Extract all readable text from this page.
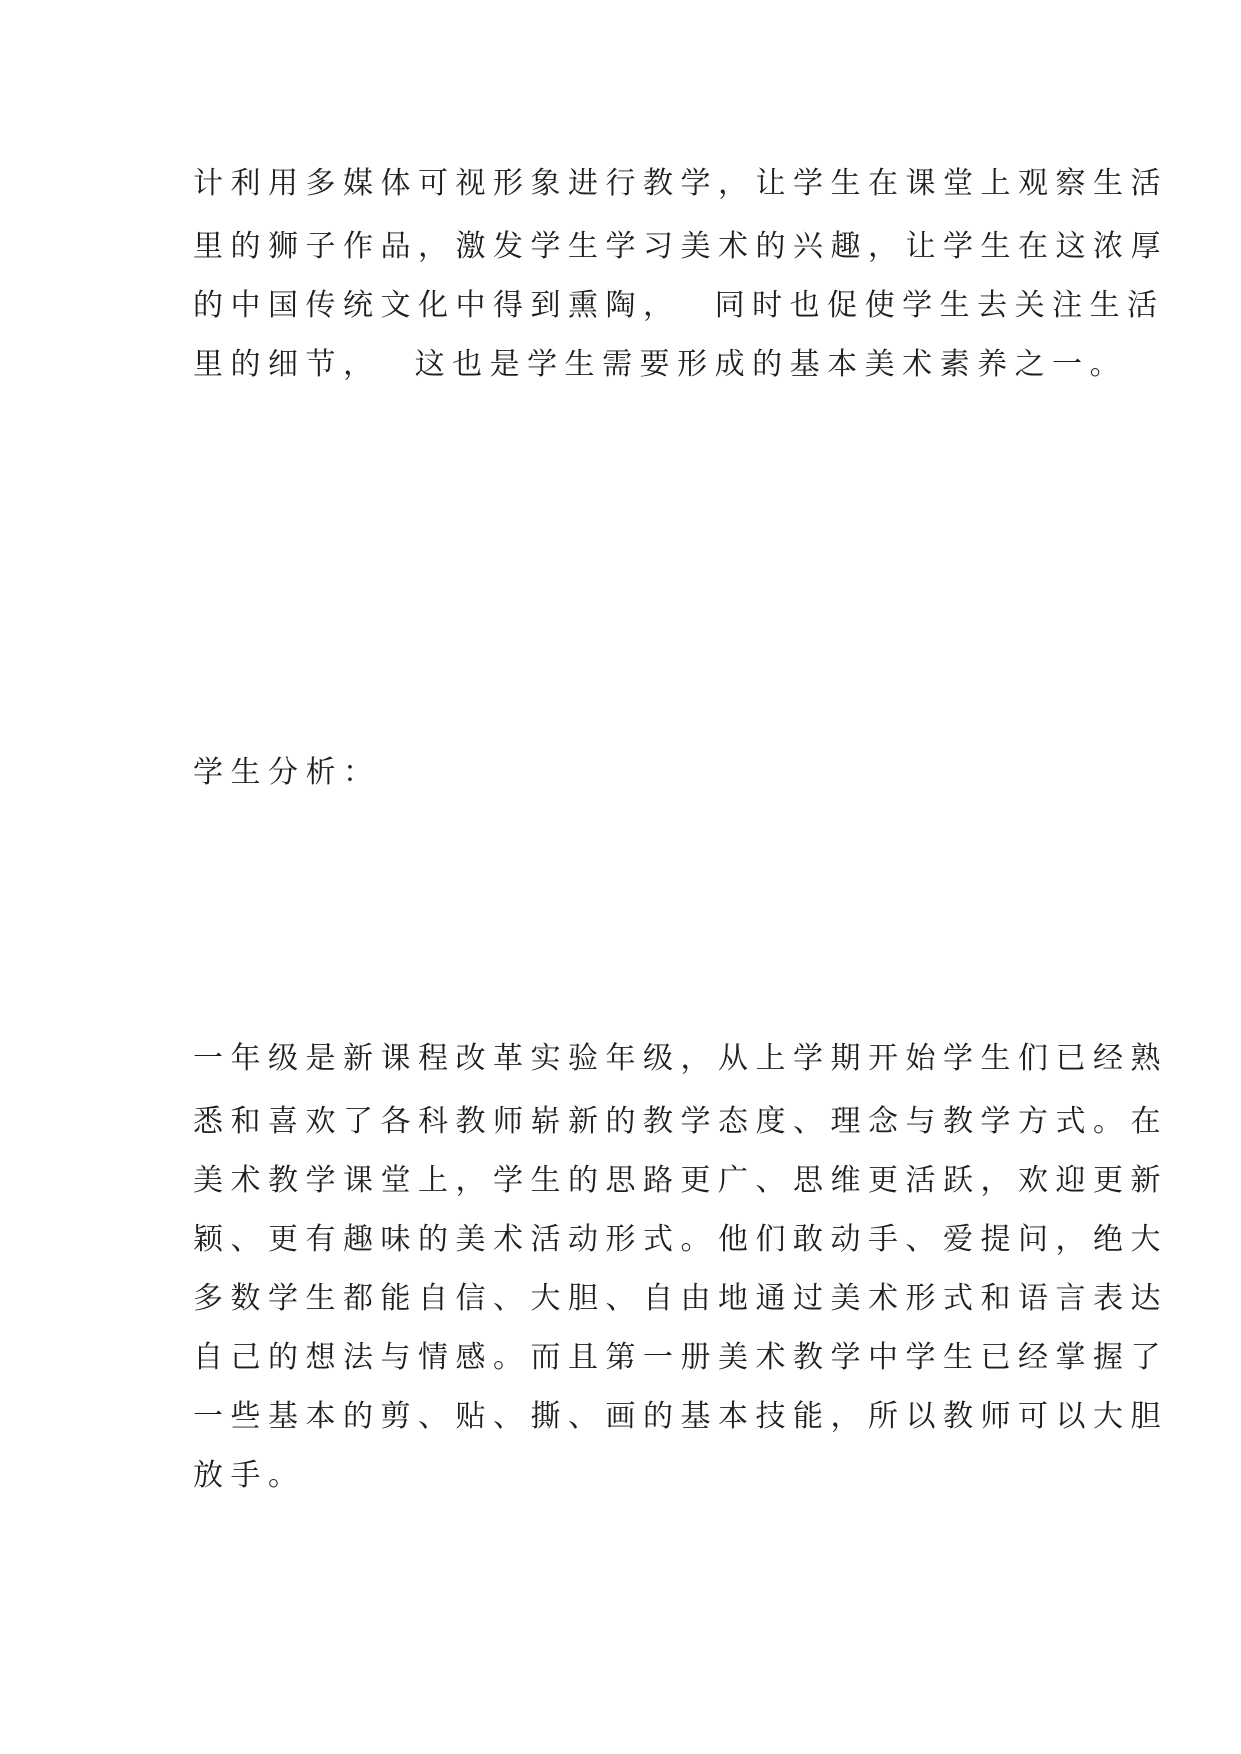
计利用多媒体可视形象进行教学，让学生在课堂上观察生活
里的狮子作品，激发学生学习美术的兴趣，让学生在这浓厚
的中国传统文化中得到熏陶，  同时也促使学生去关注生活
里的细节，  这也是学生需要形成的基本美术素养之一。
学生分析：
一年级是新课程改革实验年级，从上学期开始学生们已经熟
悉和喜欢了各科教师崭新的教学态度、理念与教学方式。在
美术教学课堂上，学生的思路更广、思维更活跃，欢迎更新
颖、更有趣味的美术活动形式。他们敢动手、爱提问，绝大
多数学生都能自信、大胆、自由地通过美术形式和语言表达
自己的想法与情感。而且第一册美术教学中学生已经掌握了
一些基本的剪、贴、撕、画的基本技能，所以教师可以大胆
放手。
